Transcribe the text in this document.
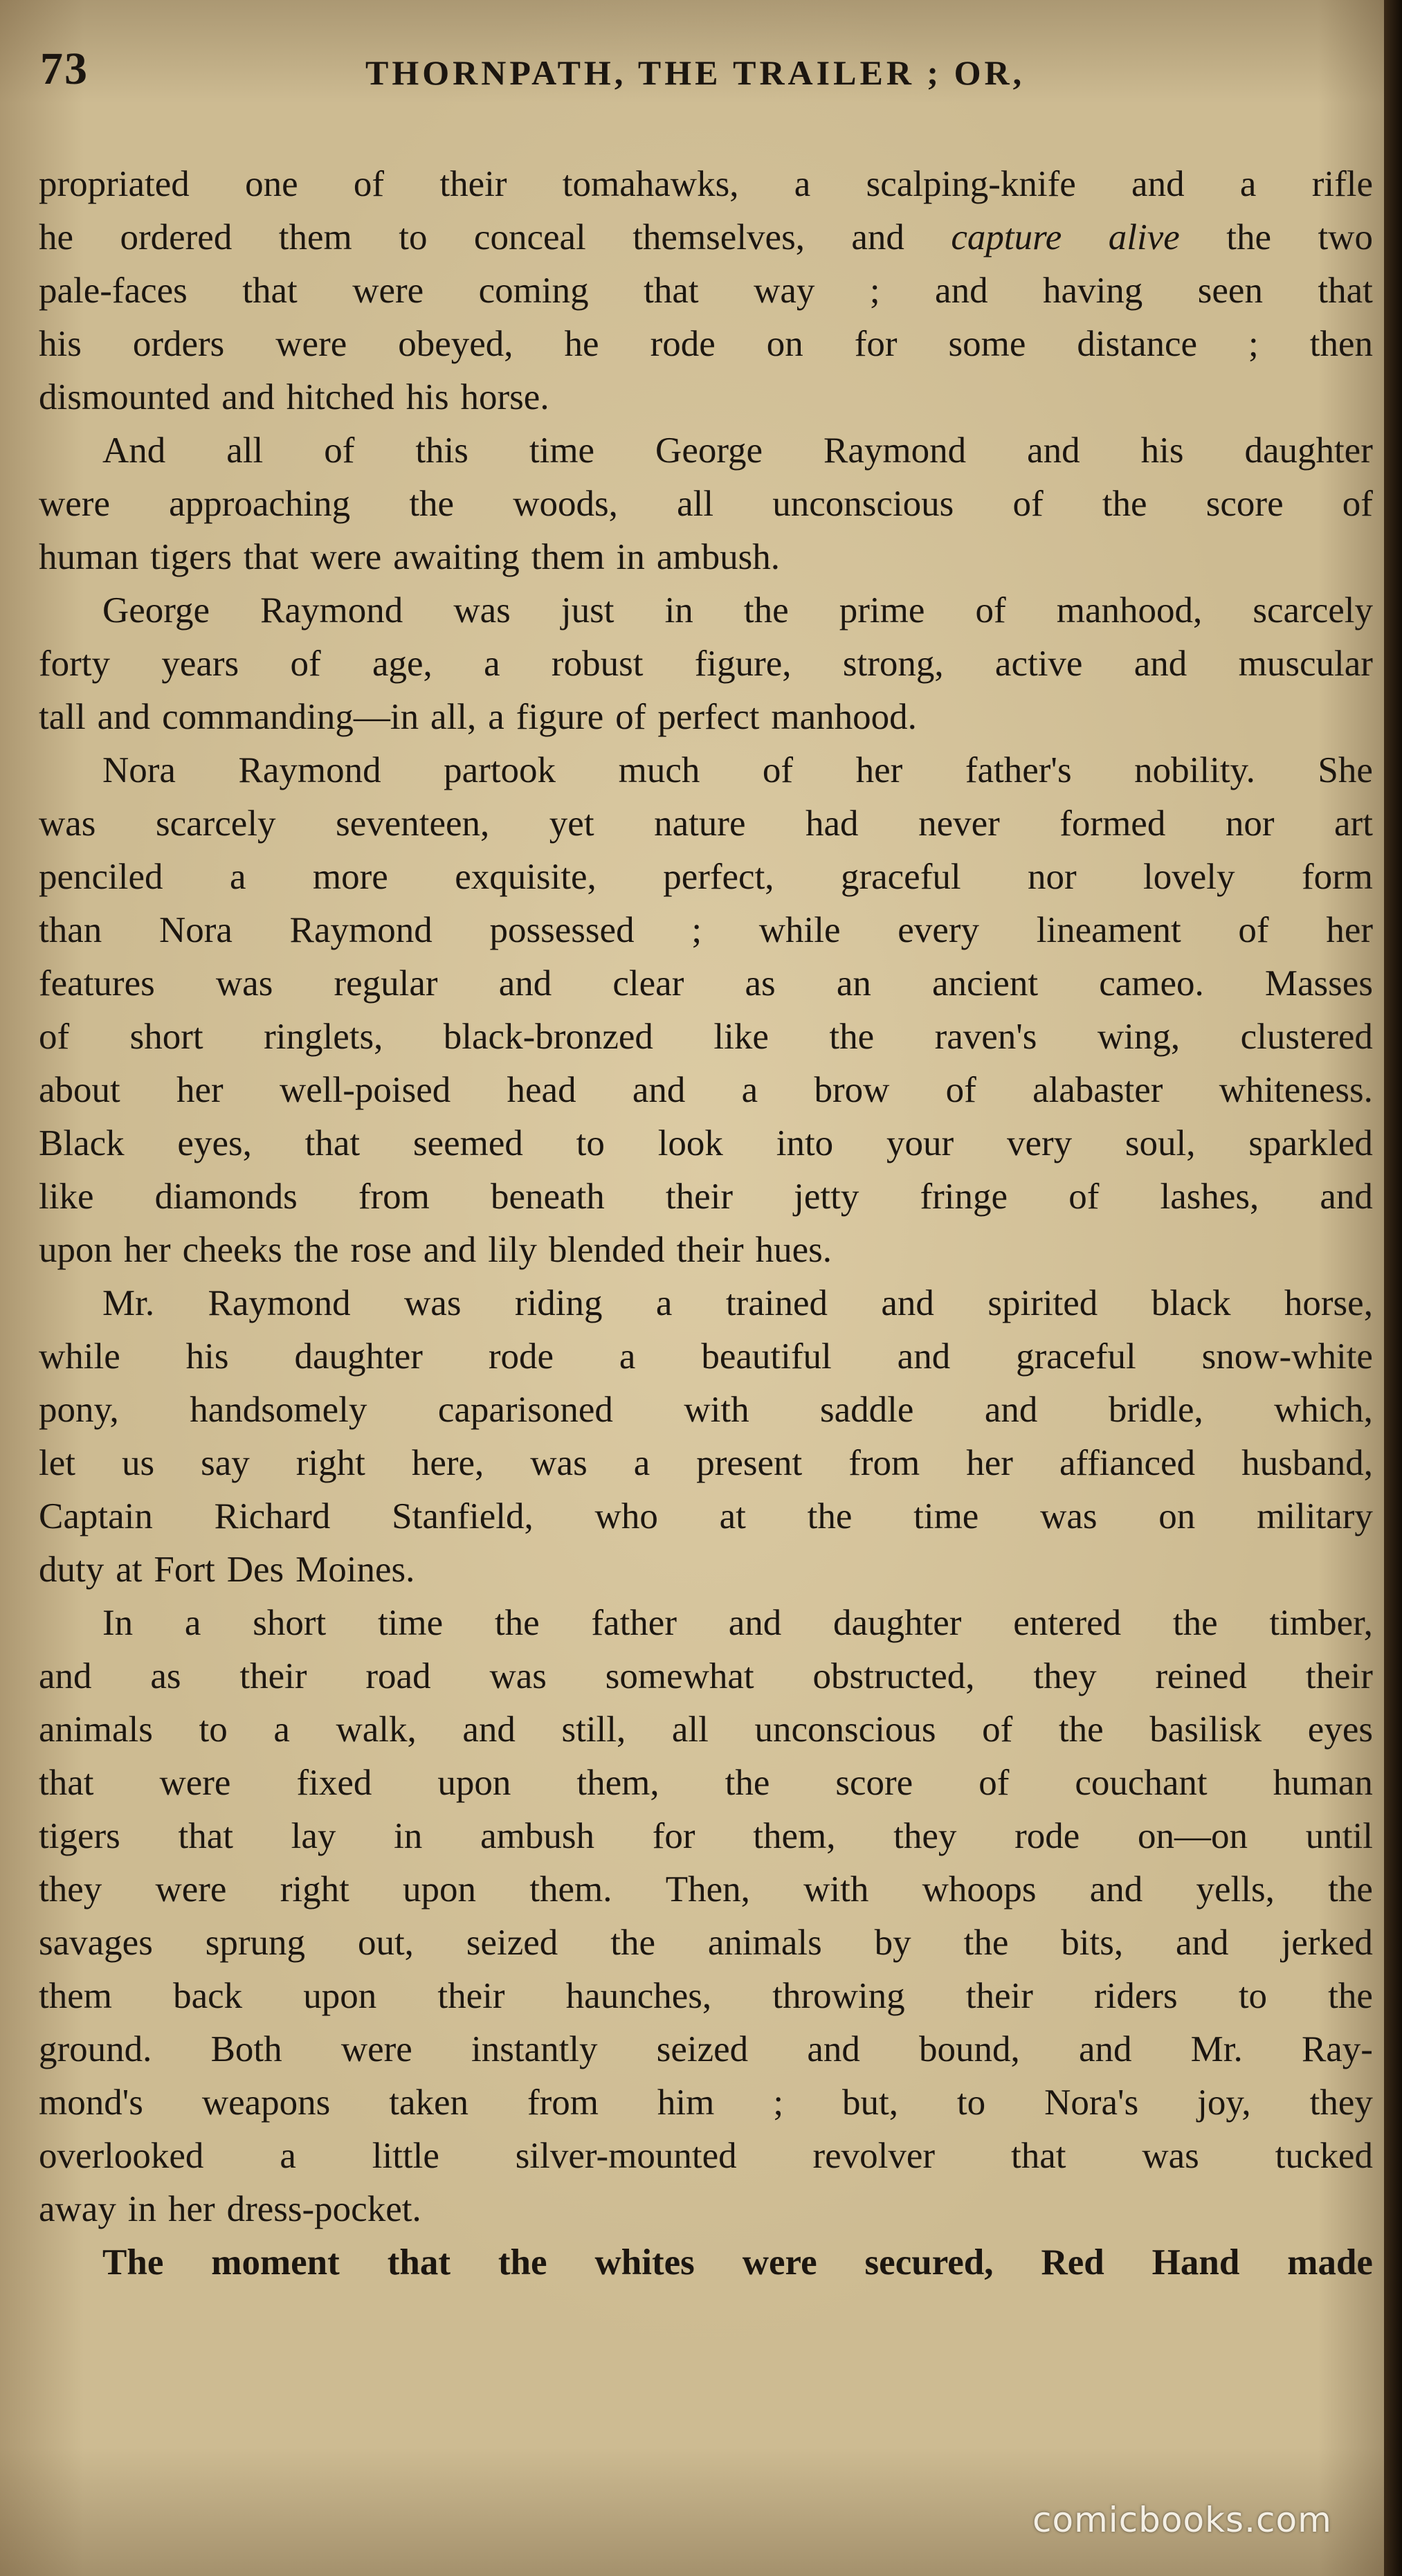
73	THORNPATH, THE TRAILER ; OR,
propriated one of their tomahawks, a scalping-knife and a rifle
he ordered them to conceal themselves, and capture alive the two
pale-faces that were coming that way ; and having seen that
his orders were obeyed, he rode on for some distance ; then
dismounted and hitched his horse.
And all of this time George Raymond and his daughter
were approaching the woods, all unconscious of the score of
human tigers that were awaiting them in ambush.
George Raymond was just in the prime of manhood, scarcely
forty years of age, a robust figure, strong, active and muscular
tall and commanding—in all, a figure of perfect manhood.
Nora Raymond partook much of her father's nobility. She
was scarcely seventeen, yet nature had never formed nor art
penciled a more exquisite, perfect, graceful nor lovely form
than Nora Raymond possessed ; while every lineament of her
features was regular and clear as an ancient cameo. Masses
of short ringlets, black-bronzed like the raven's wing, clustered
about her well-poised head and a brow of alabaster whiteness.
Black eyes, that seemed to look into your very soul, sparkled
like diamonds from beneath their jetty fringe of lashes, and
upon her cheeks the rose and lily blended their hues.
Mr. Raymond was riding a trained and spirited black horse,
while his daughter rode a beautiful and graceful snow-white
pony, handsomely caparisoned with saddle and bridle, which,
let us say right here, was a present from her affianced husband,
Captain Richard Stanfield, who at the time was on military
duty at Fort Des Moines.
In a short time the father and daughter entered the timber,
and as their road was somewhat obstructed, they reined their
animals to a walk, and still, all unconscious of the basilisk eyes
that were fixed upon them, the score of couchant human
tigers that lay in ambush for them, they rode on—on until
they were right upon them. Then, with whoops and yells, the
savages sprung out, seized the animals by the bits, and jerked
them back upon their haunches, throwing their riders to the
ground. Both were instantly seized and bound, and Mr. Ray-
mond's weapons taken from him ; but, to Nora's joy, they
overlooked a little silver-mounted revolver that was tucked
away in her dress-pocket.
The moment that the whites were secured, Red Hand made
comicbooks.com
